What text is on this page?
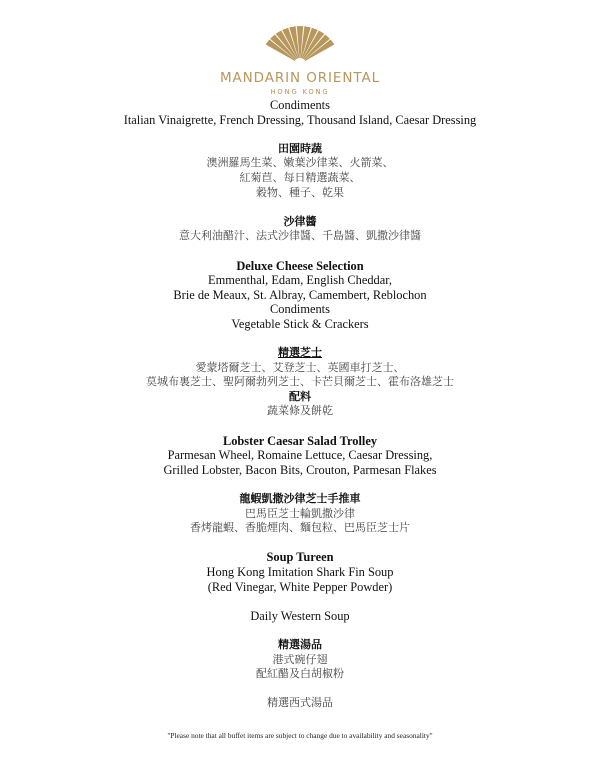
MANDARIN ORIENTAL
HONG KONG
Condiments
Italian Vinaigrette, French Dressing, Thousand Island, Caesar Dressing
田園時蔬
澳洲羅馬生菜、嫩葉沙律菜、火箭菜、
紅菊苣、每日精選蔬菜、
穀物、種子、乾果
沙律醬
意大利油醋汁、法式沙律醬、千島醬、凱撒沙律醬
Deluxe Cheese Selection
Emmenthal, Edam, English Cheddar,
Brie de Meaux, St. Albray, Camembert, Reblochon
Condiments
Vegetable Stick & Crackers
精選芝士
愛蒙塔爾芝士、艾登芝士、英國車打芝士、
莫城布裏芝士、聖阿爾勃列芝士、卡芒貝爾芝士、霍布洛雄芝士
配料
蔬菜條及餅乾
Lobster Caesar Salad Trolley
Parmesan Wheel, Romaine Lettuce, Caesar Dressing,
Grilled Lobster, Bacon Bits, Crouton, Parmesan Flakes
龍蝦凱撒沙律芝士手推車
巴馬臣芝士輪凱撒沙律
香烤龍蝦、香脆煙肉、麵包粒、巴馬臣芝士片
Soup Tureen
Hong Kong Imitation Shark Fin Soup
(Red Vinegar, White Pepper Powder)
Daily Western Soup
精選湯品
港式碗仔翅
配紅醋及白胡椒粉
精選西式湯品
"Please note that all buffet items are subject to change due to availability and seasonality"
